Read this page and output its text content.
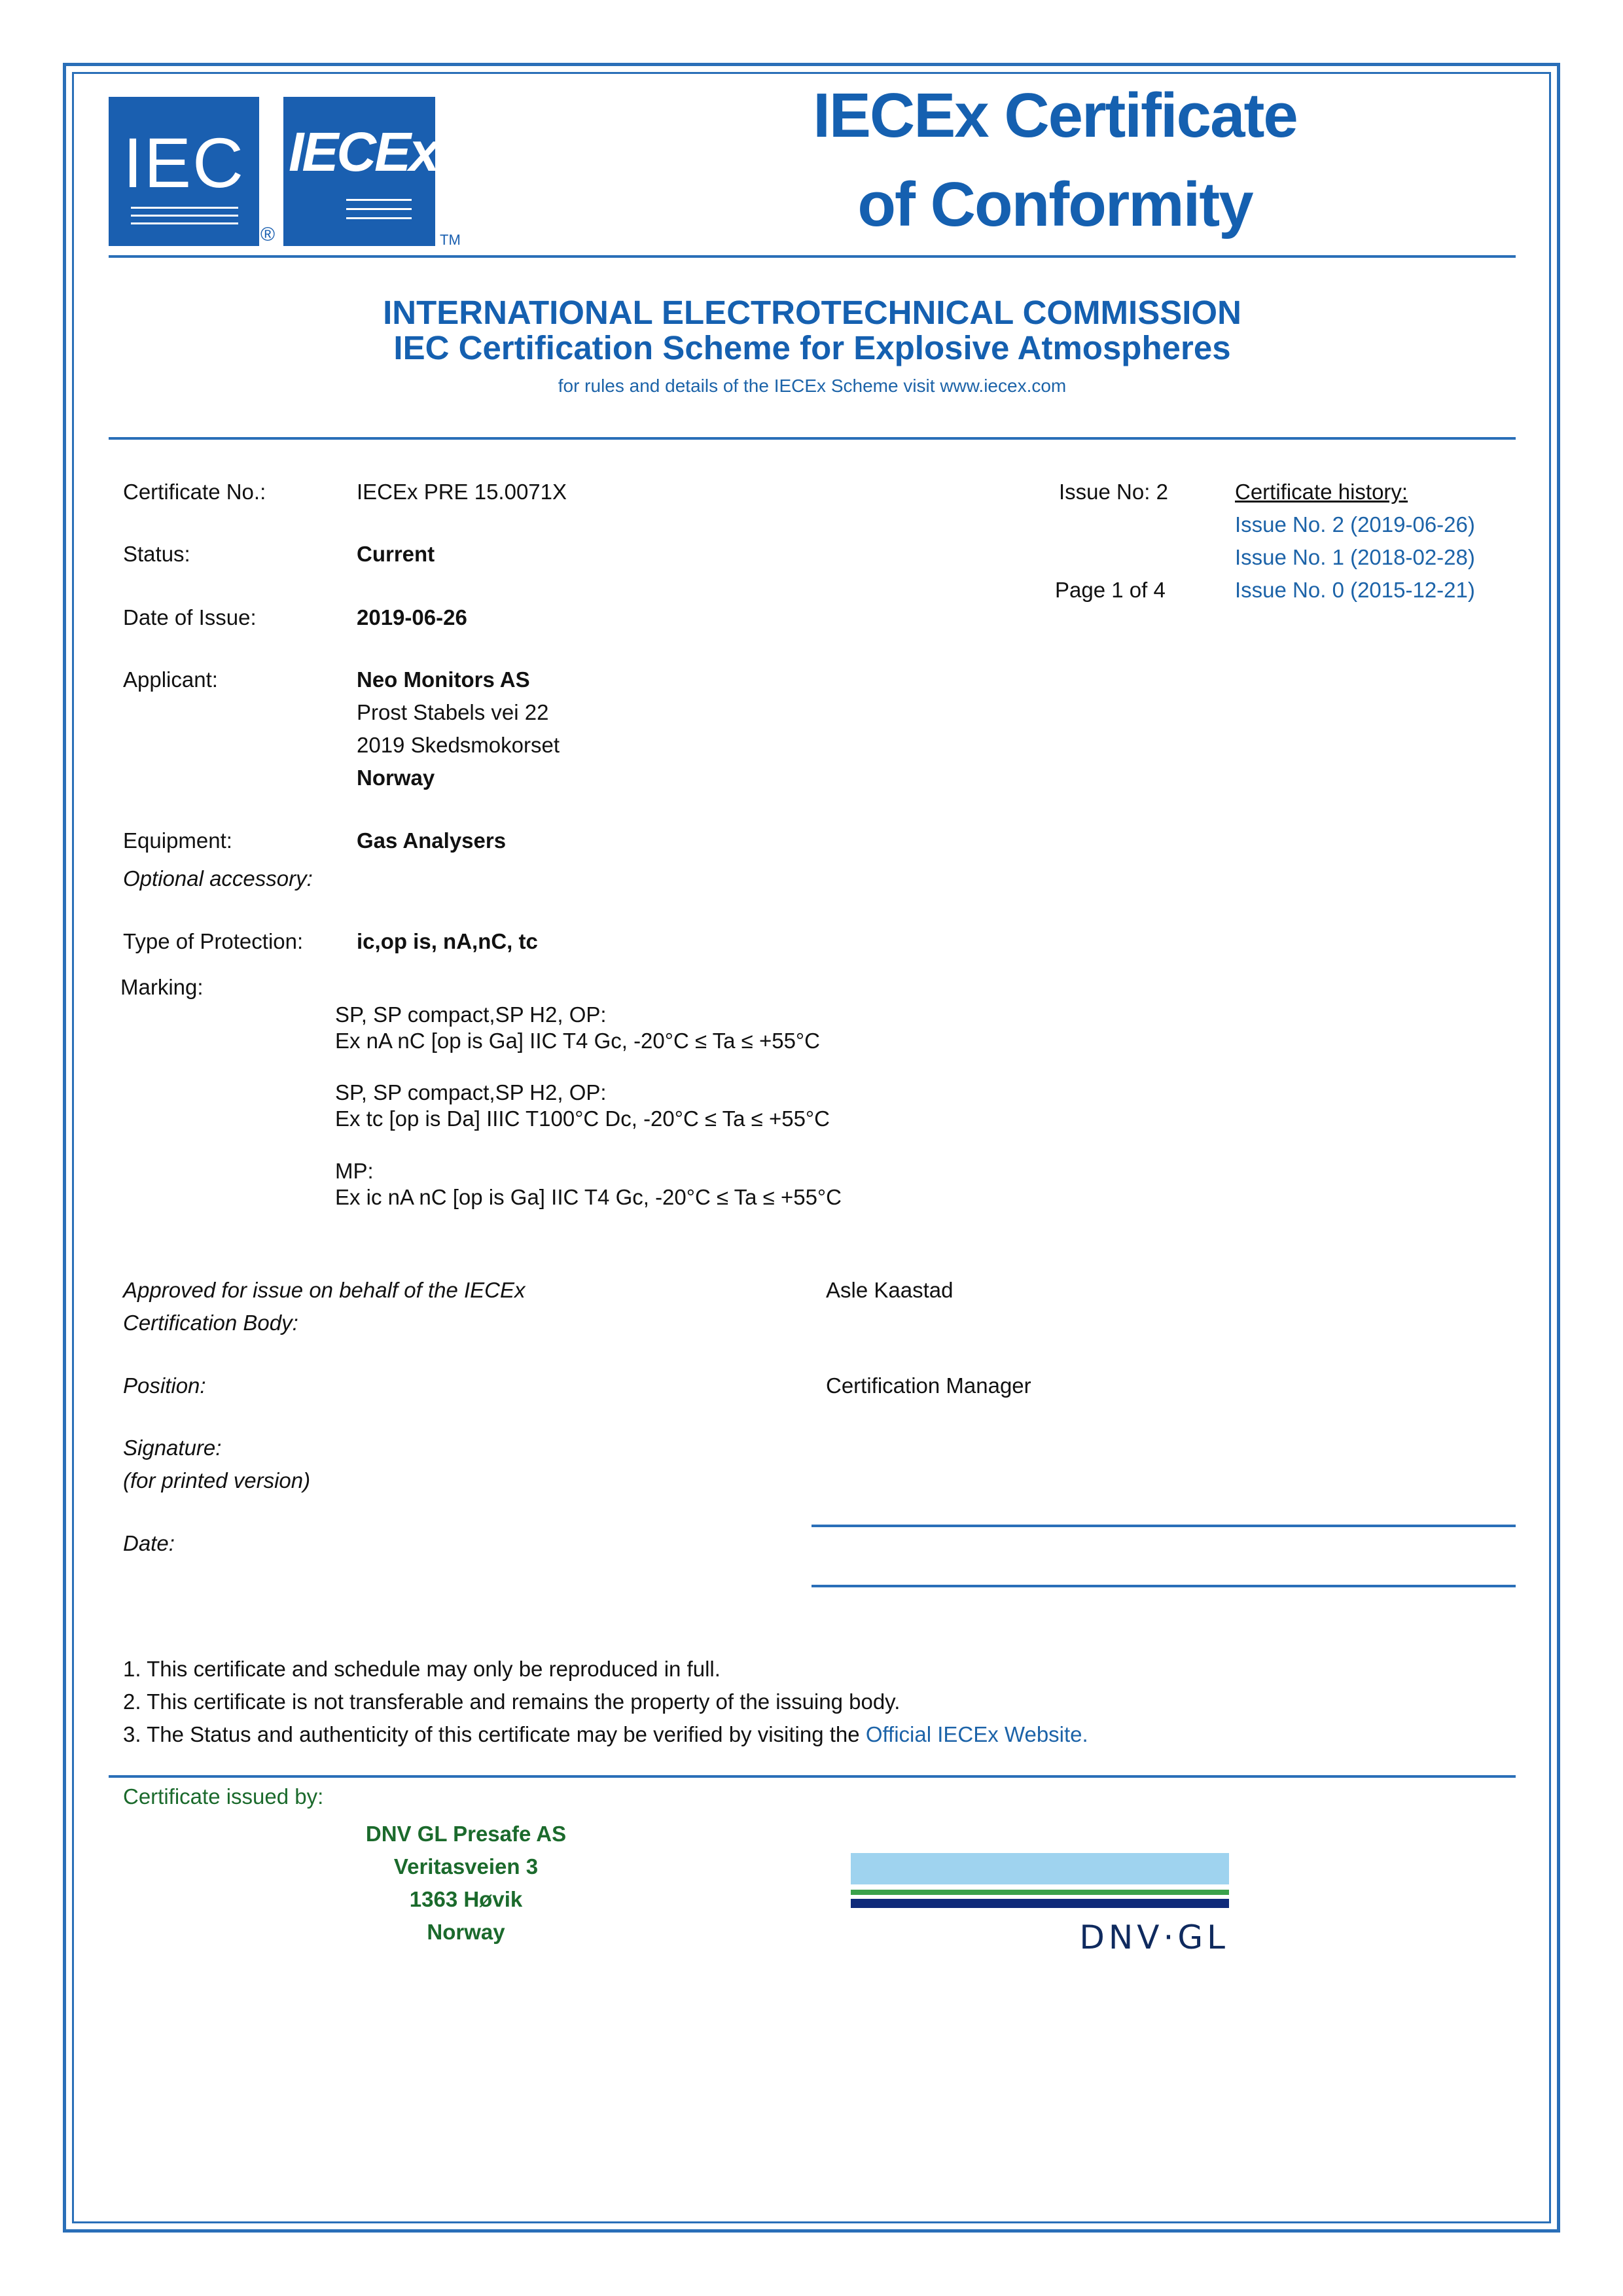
IEC
®
IECEx
TM
IECEx Certificate
of Conformity
INTERNATIONAL ELECTROTECHNICAL COMMISSION
IEC Certification Scheme for Explosive Atmospheres
for rules and details of the IECEx Scheme visit www.iecex.com
Certificate No.:	IECEx PRE 15.0071X	Issue No: 2
Page 1 of 4
Status:	Current
Date of Issue:	2019-06-26
Certificate history:
Issue No. 2 (2019-06-26)
Issue No. 1 (2018-02-28)
Issue No. 0 (2015-12-21)
Applicant:	Neo Monitors AS
Prost Stabels vei 22
2019 Skedsmokorset
Norway
Equipment:	Gas Analysers
Optional accessory:
Type of Protection: ic,op is, nA,nC, tc
Marking:
SP, SP compact,SP H2, OP:
Ex nA nC [op is Ga] IIC T4 Gc, -20°C ≤ Ta ≤ +55°C
SP, SP compact,SP H2, OP:
Ex tc [op is Da] IIIC T100°C Dc, -20°C ≤ Ta ≤ +55°C
MP:
Ex ic nA nC [op is Ga] IIC T4 Gc, -20°C ≤ Ta ≤ +55°C
Approved for issue on behalf of the IECEx
Certification Body:
Asle Kaastad
Position:	Certification Manager
Signature:
(for printed version)
Date:
1. This certificate and schedule may only be reproduced in full.
2. This certificate is not transferable and remains the property of the issuing body.
3. The Status and authenticity of this certificate may be verified by visiting the Official IECEx Website.
Certificate issued by:
DNV GL Presafe AS
Veritasveien 3
1363 Høvik
Norway	DNV·GL
